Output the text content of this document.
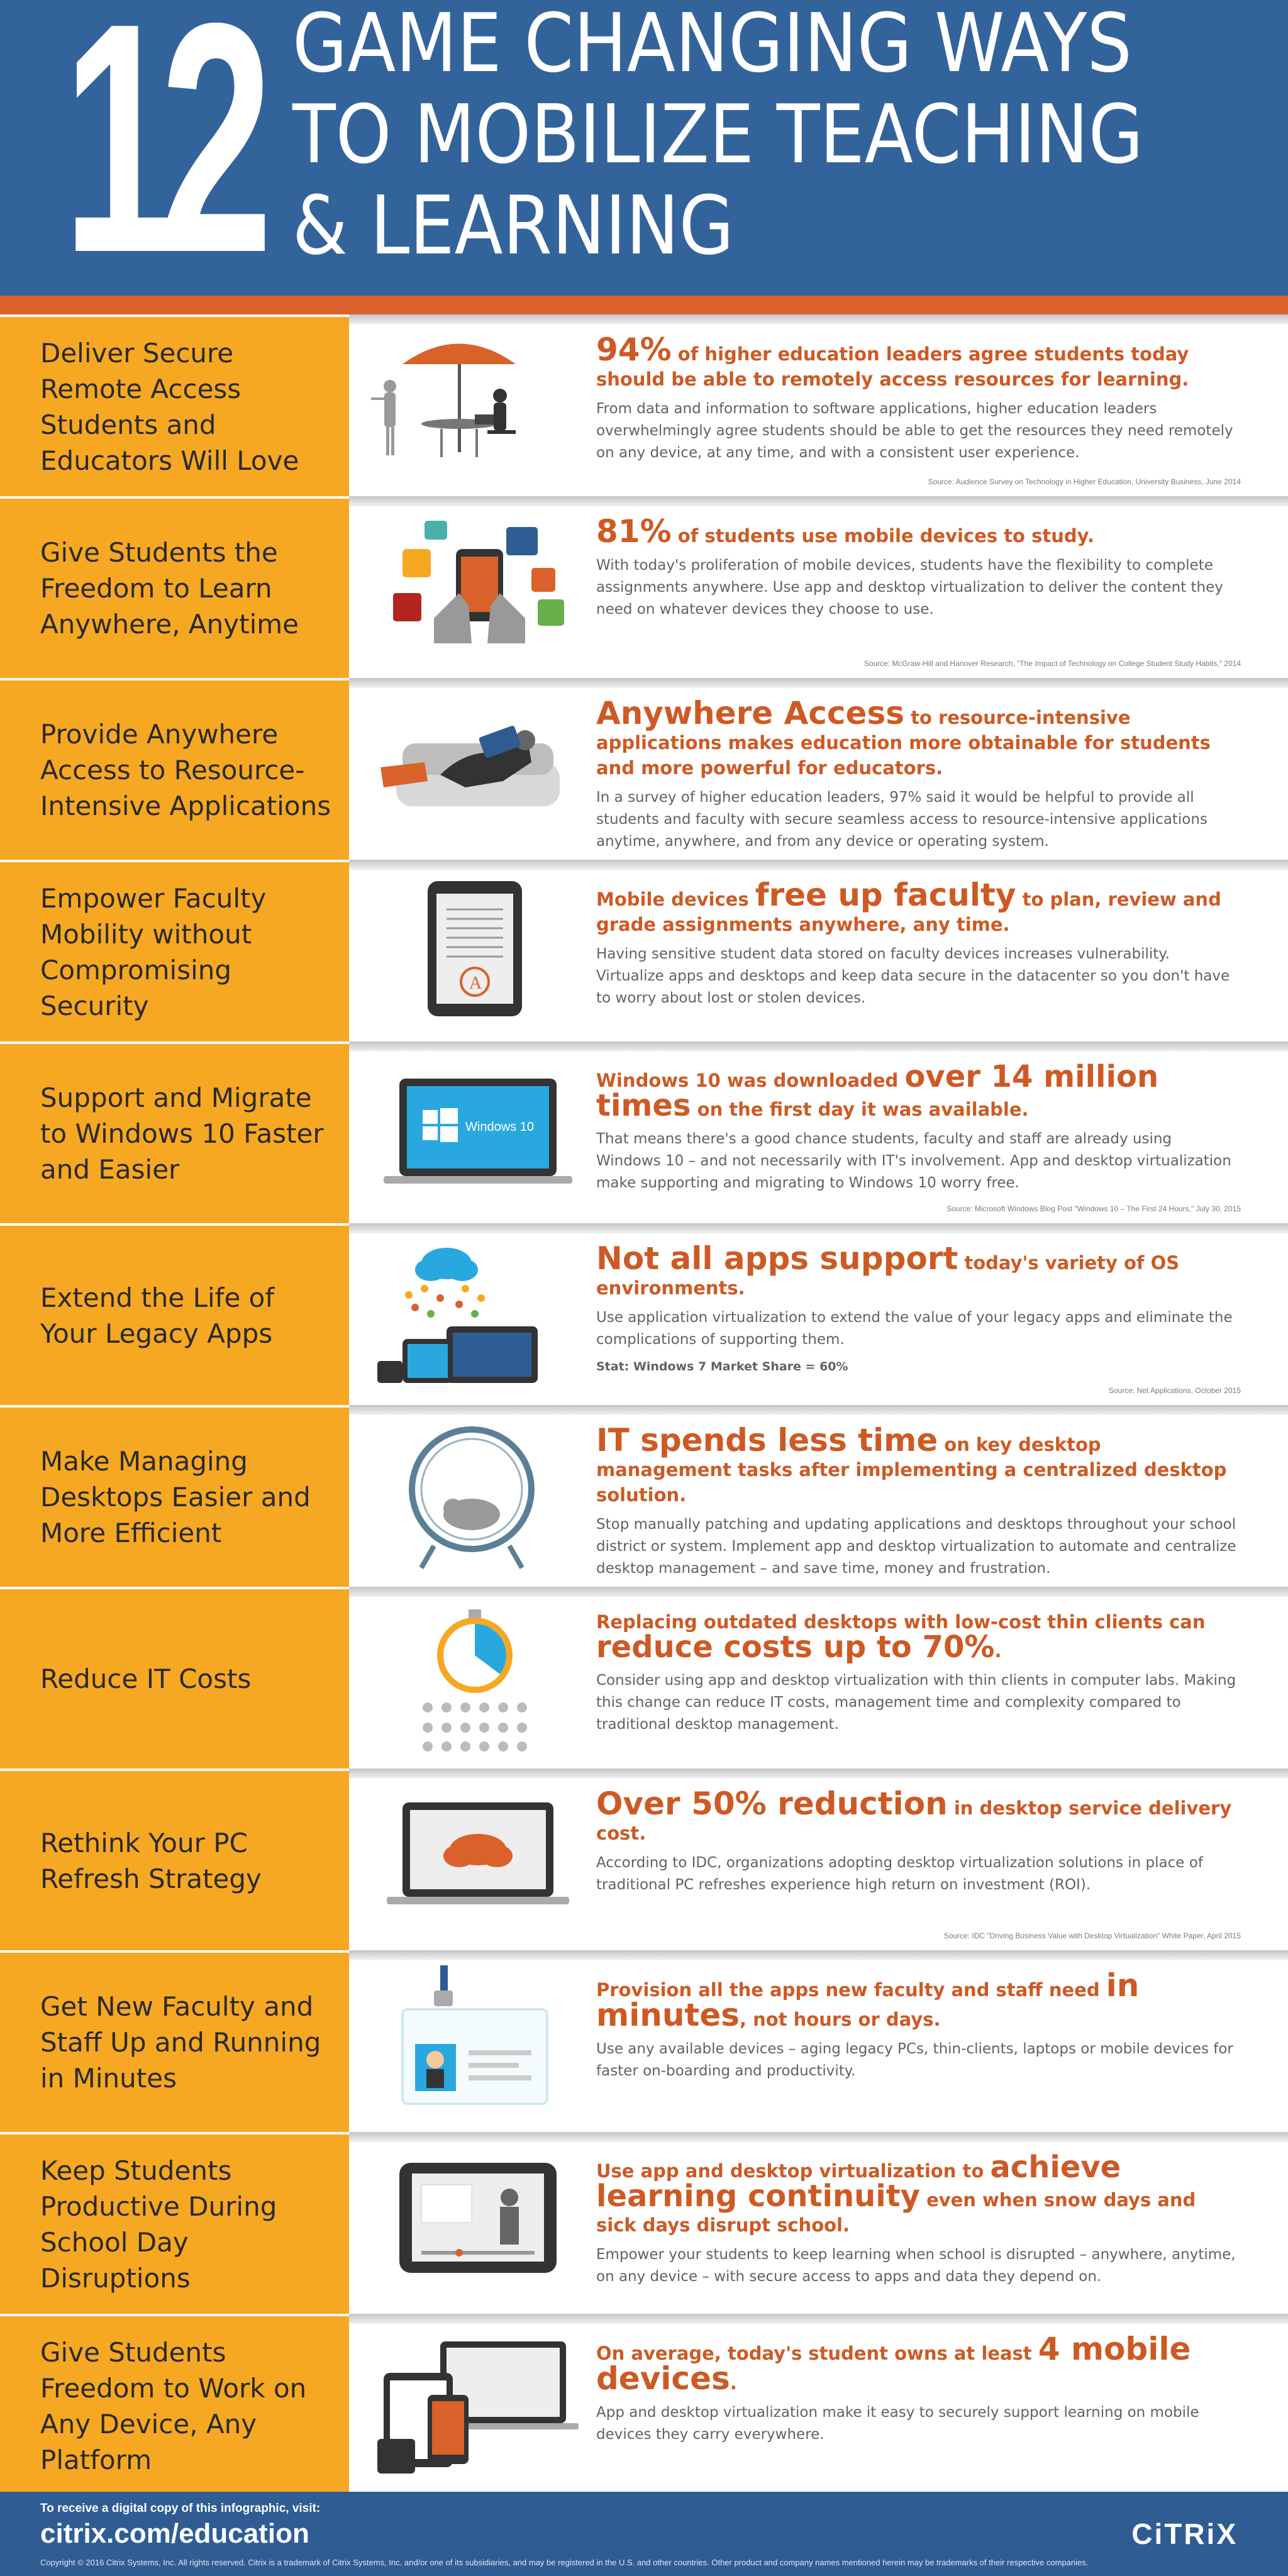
12 GAME CHANGING WAYS
TO MOBILIZE TEACHING
& LEARNING
Deliver Secure Remote Access Students and Educators Will Love

94% of higher education leaders agree students today should be able to remotely access resources for learning.

From data and information to software applications, higher education leaders overwhelmingly agree students should be able to get the resources they need remotely on any device, at any time, and with a consistent user experience.

Source: Audience Survey on Technology in Higher Education, University Business, June 2014
Give Students the Freedom to Learn Anywhere, Anytime

81% of students use mobile devices to study.

With today's proliferation of mobile devices, students have the flexibility to complete assignments anywhere. Use app and desktop virtualization to deliver the content they need on whatever devices they choose to use.

Source: McGraw-Hill and Hanover Research, "The Impact of Technology on College Student Study Habits," 2014
Provide Anywhere Access to Resource-Intensive Applications

Anywhere Access to resource-intensive applications makes education more obtainable for students and more powerful for educators.

In a survey of higher education leaders, 97% said it would be helpful to provide all students and faculty with secure seamless access to resource-intensive applications anytime, anywhere, and from any device or operating system.

Empower Faculty Mobility without Compromising Security
A

Mobile devices free up faculty to plan, review and grade assignments anywhere, any time.

Having sensitive student data stored on faculty devices increases vulnerability. Virtualize apps and desktops and keep data secure in the datacenter so you don't have to worry about lost or stolen devices.

Support and Migrate to Windows 10 Faster and Easier
Windows 10

Windows 10 was downloaded over 14 million times on the first day it was available.

That means there's a good chance students, faculty and staff are already using Windows 10 – and not necessarily with IT's involvement. App and desktop virtualization make supporting and migrating to Windows 10 worry free.

Source: Microsoft Windows Blog Post "Windows 10 – The First 24 Hours," July 30, 2015
Extend the Life of Your Legacy Apps

Not all apps support today's variety of OS environments.

Use application virtualization to extend the value of your legacy apps and eliminate the complications of supporting them.

Stat: Windows 7 Market Share = 60%

Source: Net Applications, October 2015
Make Managing Desktops Easier and More Efficient

IT spends less time on key desktop management tasks after implementing a centralized desktop solution.

Stop manually patching and updating applications and desktops throughout your school district or system. Implement app and desktop virtualization to automate and centralize desktop management – and save time, money and frustration.

Reduce IT Costs

Replacing outdated desktops with low-cost thin clients can reduce costs up to 70%.

Consider using app and desktop virtualization with thin clients in computer labs. Making this change can reduce IT costs, management time and complexity compared to traditional desktop management.

Rethink Your PC Refresh Strategy

Over 50% reduction in desktop service delivery cost.

According to IDC, organizations adopting desktop virtualization solutions in place of traditional PC refreshes experience high return on investment (ROI).

Source: IDC "Driving Business Value with Desktop Virtualization" White Paper, April 2015
Get New Faculty and Staff Up and Running in Minutes

Provision all the apps new faculty and staff need in minutes, not hours or days.

Use any available devices – aging legacy PCs, thin-clients, laptops or mobile devices for faster on-boarding and productivity.

Keep Students Productive During School Day Disruptions

Use app and desktop virtualization to achieve learning continuity even when snow days and sick days disrupt school.

Empower your students to keep learning when school is disrupted – anywhere, anytime, on any device – with secure access to apps and data they depend on.

Give Students Freedom to Work on Any Device, Any Platform

On average, today's student owns at least 4 mobile devices.

App and desktop virtualization make it easy to securely support learning on mobile devices they carry everywhere.

To receive a digital copy of this infographic, visit:
citrix.com/education
Copyright © 2016 Citrix Systems, Inc. All rights reserved. Citrix is a trademark of Citrix Systems, Inc. and/or one of its subsidiaries, and may be registered in the U.S. and other countries. Other product and company names mentioned herein may be trademarks of their respective companies.
CiTRiX
